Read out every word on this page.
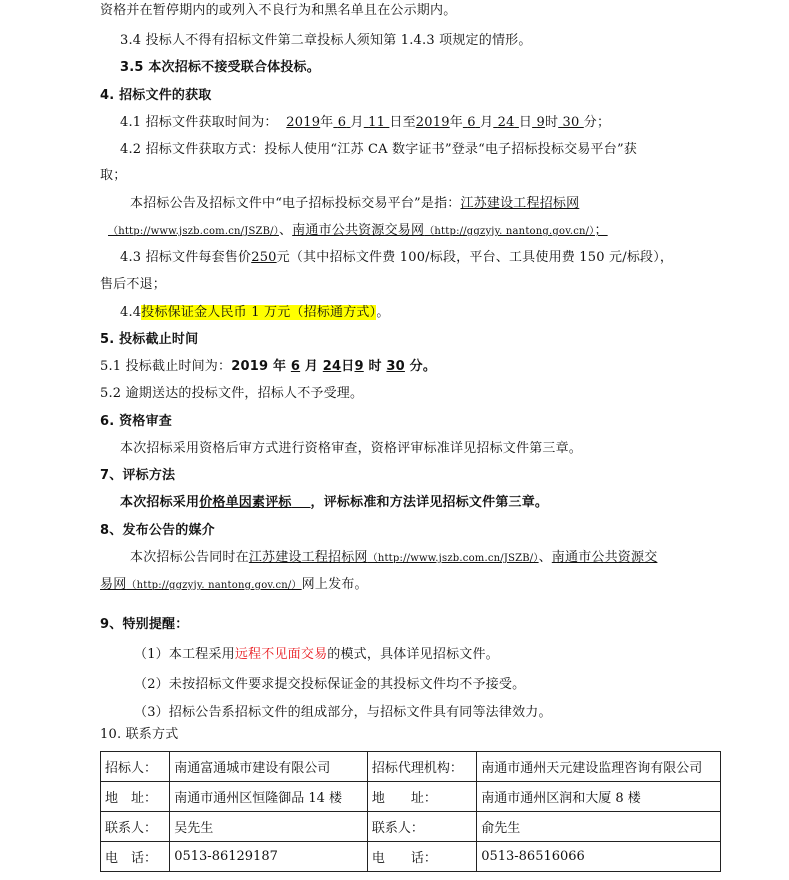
资格并在暂停期内的或列入不良行为和黑名单且在公示期内。
3.4 投标人不得有招标文件第二章投标人须知第 1.4.3 项规定的情形。
3.5 本次招标不接受联合体投标。
4. 招标文件的获取
4.1 招标文件获取时间为： 2019年 6 月 11 日至2019年 6 月 24 日 9时 30 分；
4.2 招标文件获取方式：投标人使用“江苏 CA 数字证书”登录“电子招标投标交易平台”获
取；
本招标公告及招标文件中“电子招标投标交易平台”是指：江苏建设工程招标网
（http://www.jszb.com.cn/JSZB/）、南通市公共资源交易网（http://ggzyjy. nantong.gov.cn/）；
4.3 招标文件每套售价250元（其中招标文件费 100/标段，平台、工具使用费 150 元/标段），
售后不退；
4.4投标保证金人民币 1 万元（招标通方式）。
5. 投标截止时间
5.1 投标截止时间为：2019 年 6 月 24日9 时 30 分。
5.2 逾期送达的投标文件，招标人不予受理。
6. 资格审查
本次招标采用资格后审方式进行资格审查，资格评审标准详见招标文件第三章。
7、评标方法
本次招标采用价格单因素评标 ，评标标准和方法详见招标文件第三章。
8、发布公告的媒介
本次招标公告同时在江苏建设工程招标网（http://www.jszb.com.cn/JSZB/）、南通市公共资源交
易网（http://ggzyjy. nantong.gov.cn/）网上发布。
9、特别提醒：
（1）本工程采用远程不见面交易的模式，具体详见招标文件。
（2）未按招标文件要求提交投标保证金的其投标文件均不予接受。
（3）招标公告系招标文件的组成部分，与招标文件具有同等法律效力。
10. 联系方式
招标人：	南通富通城市建设有限公司	招标代理机构：	南通市通州天元建设监理咨询有限公司
地　址：	南通市通州区恒隆御品 14 楼	地　　址：	南通市通州区润和大厦 8 楼
联系人：	吴先生	联系人：	俞先生
电　话：	0513-86129187	电　　话：	0513-86516066
